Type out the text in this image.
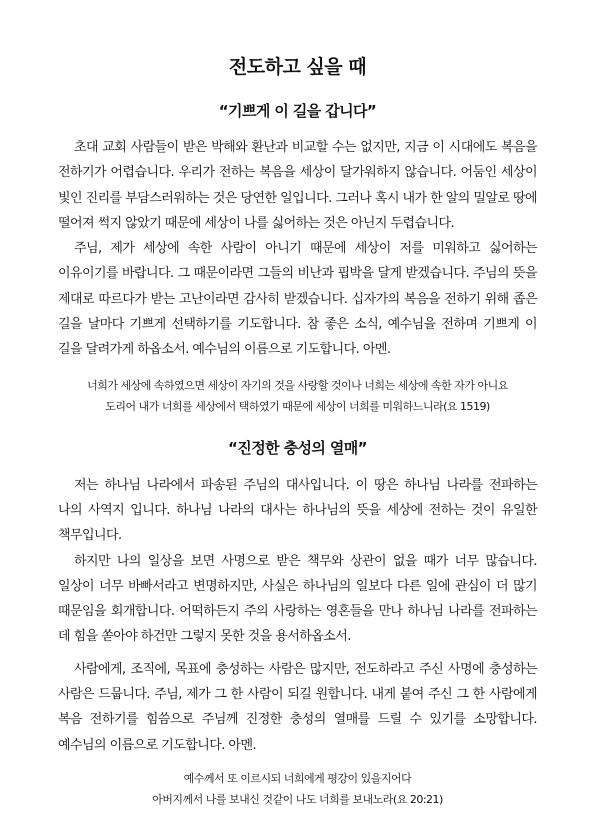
전도하고 싶을 때
“기쁘게 이 길을 갑니다”

초대 교회 사람들이 받은 박해와 환난과 비교할 수는 없지만, 지금 이 시대에도 복음을 전하기가 어렵습니다. 우리가 전하는 복음을 세상이 달가워하지 않습니다. 어둠인 세상이 빛인 진리를 부담스러워하는 것은 당연한 일입니다. 그러나 혹시 내가 한 알의 밀알로 땅에 떨어져 썩지 않았기 때문에 세상이 나를 싫어하는 것은 아닌지 두렵습니다.

주님, 제가 세상에 속한 사람이 아니기 때문에 세상이 저를 미워하고 싫어하는 이유이기를 바랍니다. 그 때문이라면 그들의 비난과 핍박을 달게 받겠습니다. 주님의 뜻을 제대로 따르다가 받는 고난이라면 감사히 받겠습니다. 십자가의 복음을 전하기 위해 좁은 길을 날마다 기쁘게 선택하기를 기도합니다. 참 좋은 소식, 예수님을 전하며 기쁘게 이 길을 달려가게 하옵소서. 예수님의 이름으로 기도합니다. 아멘.

너희가 세상에 속하였으면 세상이 자기의 것을 사랑할 것이나 너희는 세상에 속한 자가 아니요

도리어 내가 너희를 세상에서 택하였기 때문에 세상이 너희를 미워하느니라(요 1519)

“진정한 충성의 열매”

저는 하나님 나라에서 파송된 주님의 대사입니다. 이 땅은 하나님 나라를 전파하는 나의 사역지 입니다. 하나님 나라의 대사는 하나님의 뜻을 세상에 전하는 것이 유일한 책무입니다.

하지만 나의 일상을 보면 사명으로 받은 책무와 상관이 없을 때가 너무 많습니다. 일상이 너무 바빠서라고 변명하지만, 사실은 하나님의 일보다 다른 일에 관심이 더 많기 때문임을 회개합니다. 어떡하든지 주의 사랑하는 영혼들을 만나 하나님 나라를 전파하는 데 힘을 쏟아야 하건만 그렇지 못한 것을 용서하옵소서.

사람에게, 조직에, 목표에 충성하는 사람은 많지만, 전도하라고 주신 사명에 충성하는 사람은 드뭅니다. 주님, 제가 그 한 사람이 되길 원합니다. 내게 붙여 주신 그 한 사람에게 복음 전하기를 힘씀으로 주님께 진정한 충성의 열매를 드릴 수 있기를 소망합니다. 예수님의 이름으로 기도합니다. 아멘.

예수께서 또 이르시되 너희에게 평강이 있을지어다

아버지께서 나를 보내신 것같이 나도 너희를 보내노라(요 20:21)
